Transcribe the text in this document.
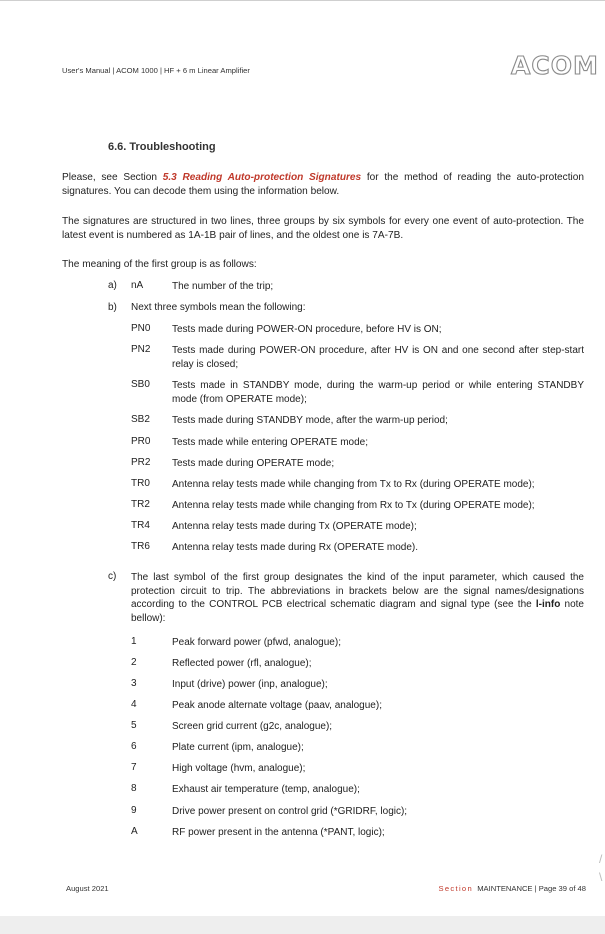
User's Manual | ACOM 1000 | HF + 6 m Linear Amplifier	ACOM
6.6. Troubleshooting
Please, see Section 5.3 Reading Auto-protection Signatures for the method of reading the auto-protection signatures. You can decode them using the information below.
The signatures are structured in two lines, three groups by six symbols for every one event of auto-protection. The latest event is numbered as 1A-1B pair of lines, and the oldest one is 7A-7B.
The meaning of the first group is as follows:
a) nA	The number of the trip;
b) Next three symbols mean the following:
PN0 Tests made during POWER-ON procedure, before HV is ON;
PN2 Tests made during POWER-ON procedure, after HV is ON and one second after step-start relay is closed;
SB0 Tests made in STANDBY mode, during the warm-up period or while entering STANDBY mode (from OPERATE mode);
SB2 Tests made during STANDBY mode, after the warm-up period;
PR0 Tests made while entering OPERATE mode;
PR2 Tests made during OPERATE mode;
TR0 Antenna relay tests made while changing from Tx to Rx (during OPERATE mode);
TR2 Antenna relay tests made while changing from Rx to Tx (during OPERATE mode);
TR4 Antenna relay tests made during Tx (OPERATE mode);
TR6 Antenna relay tests made during Rx (OPERATE mode).
c) The last symbol of the first group designates the kind of the input parameter, which caused the protection circuit to trip. The abbreviations in brackets below are the signal names/designations according to the CONTROL PCB electrical schematic diagram and signal type (see the l-info note bellow):
1	Peak forward power (pfwd, analogue);
2	Reflected power (rfl, analogue);
3	Input (drive) power (inp, analogue);
4	Peak anode alternate voltage (paav, analogue);
5	Screen grid current (g2c, analogue);
6	Plate current (ipm, analogue);
7	High voltage (hvm, analogue);
8	Exhaust air temperature (temp, analogue);
9	Drive power present on control grid (*GRIDRF, logic);
A	RF power present in the antenna (*PANT, logic);
August 2021	Section MAINTENANCE | Page 39 of 48
/
\
